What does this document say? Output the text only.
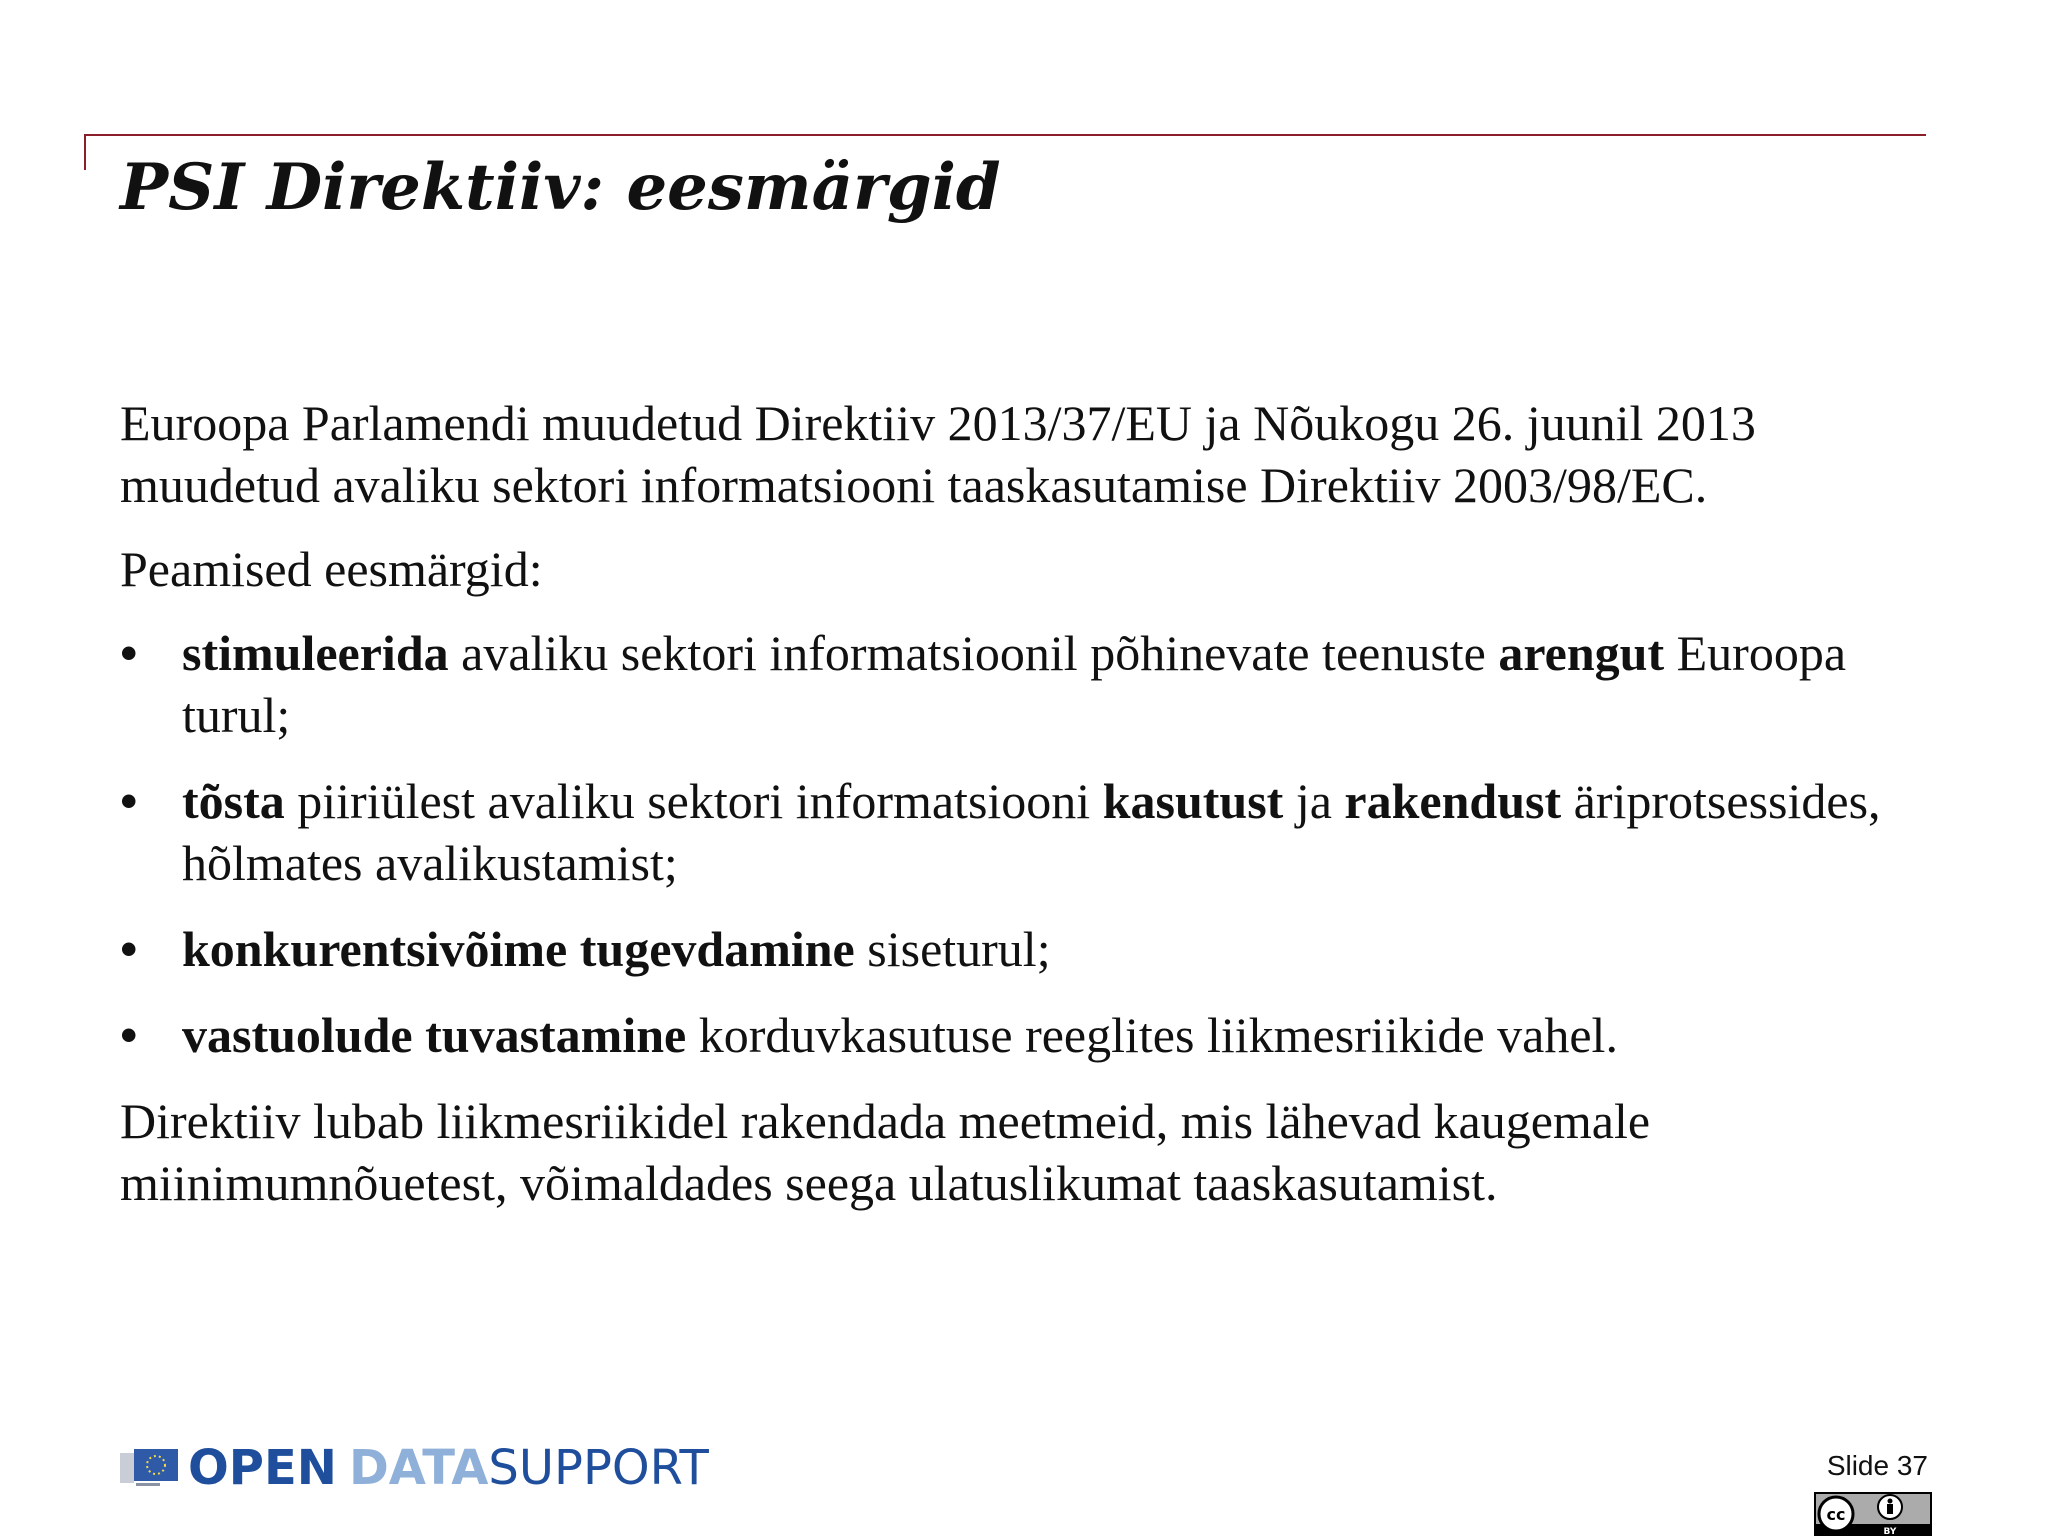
PSI Direktiiv: eesmärgid

Euroopa Parlamendi muudetud Direktiiv 2013/37/EU ja Nõukogu 26. juunil 2013 muudetud avaliku sektori informatsiooni taaskasutamise Direktiiv 2003/98/EC.

Peamised eesmärgid:

• stimuleerida avaliku sektori informatsioonil põhinevate teenuste arengut Euroopa turul;
• tõsta piiriülest avaliku sektori informatsiooni kasutust ja rakendust äriprotsessides, hõlmates avalikustamist;
• konkurentsivõime tugevdamine siseturul;
• vastuolude tuvastamine korduvkasutuse reeglites liikmesriikide vahel.

Direktiiv lubab liikmesriikidel rakendada meetmeid, mis lähevad kaugemale miinimumnõuetest, võimaldades seega ulatuslikumat taaskasutamist.

OPEN DATASUPPORT	Slide 37
cc
BY
